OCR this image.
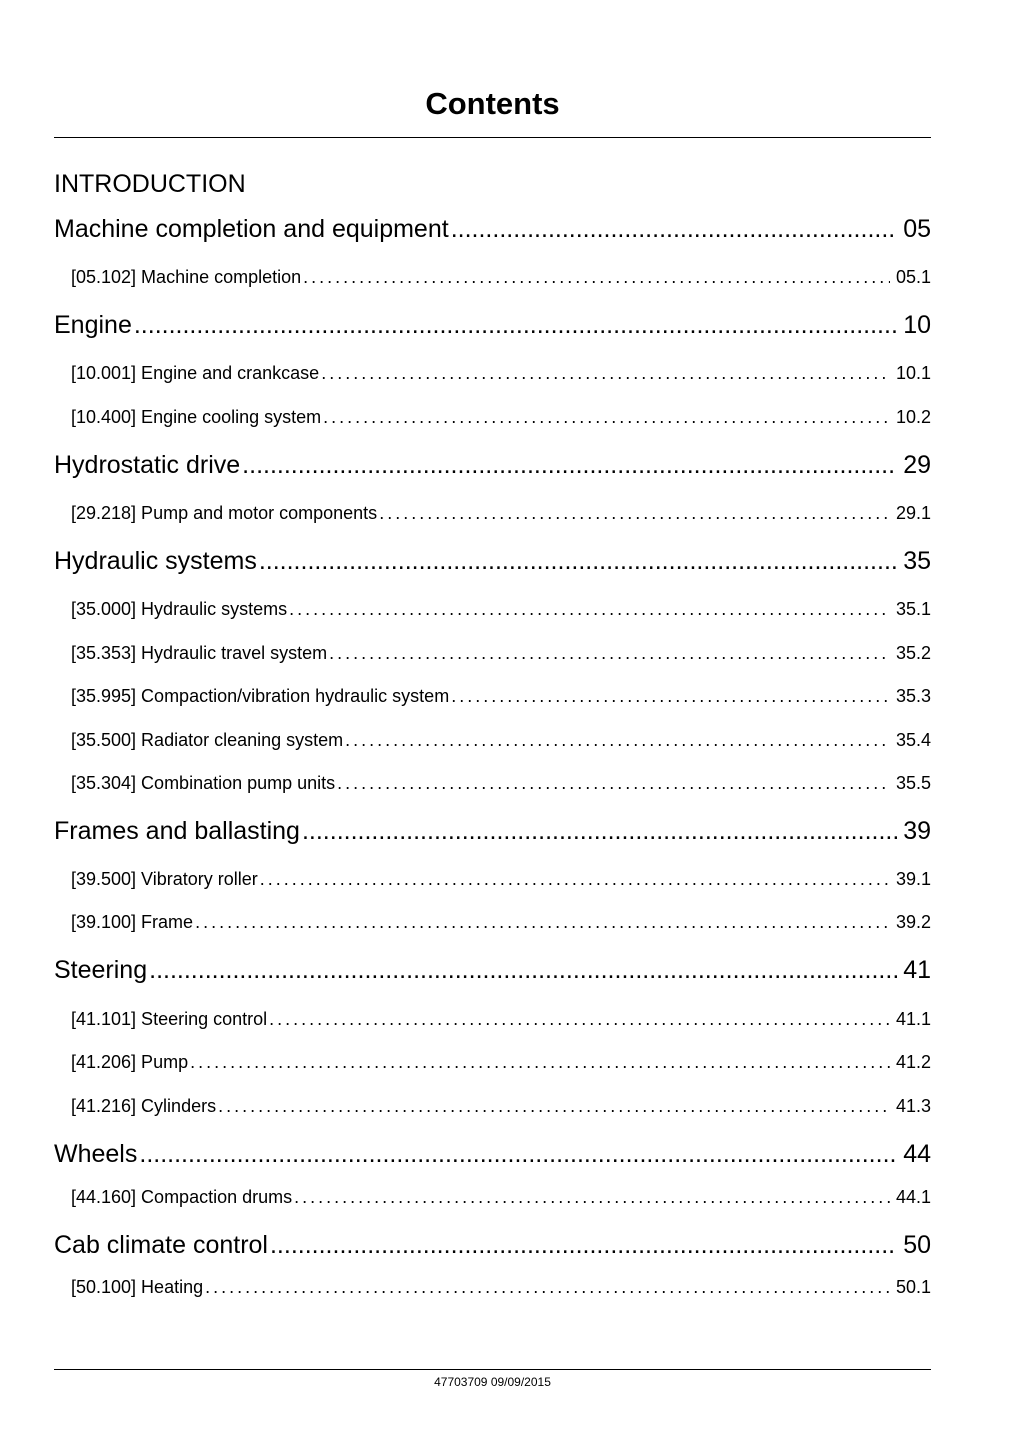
Contents
INTRODUCTION
Machine completion and equipment .....	05
[05.102] Machine completion . . .	05.1
Engine .....	10
[10.001] Engine and crankcase . . .	10.1
[10.400] Engine cooling system . . .	10.2
Hydrostatic drive .....	29
[29.218] Pump and motor components . . .	29.1
Hydraulic systems .....	35
[35.000] Hydraulic systems . . .	35.1
[35.353] Hydraulic travel system . . .	35.2
[35.995] Compaction/vibration hydraulic system . . .	35.3
[35.500] Radiator cleaning system . . .	35.4
[35.304] Combination pump units . . .	35.5
Frames and ballasting .....	39
[39.500] Vibratory roller . . .	39.1
[39.100] Frame . . .	39.2
Steering .....	41
[41.101] Steering control . . .	41.1
[41.206] Pump . . .	41.2
[41.216] Cylinders . . .	41.3
Wheels .....	44
[44.160] Compaction drums . . .	44.1
Cab climate control .....	50
[50.100] Heating . . .	50.1
47703709 09/09/2015
